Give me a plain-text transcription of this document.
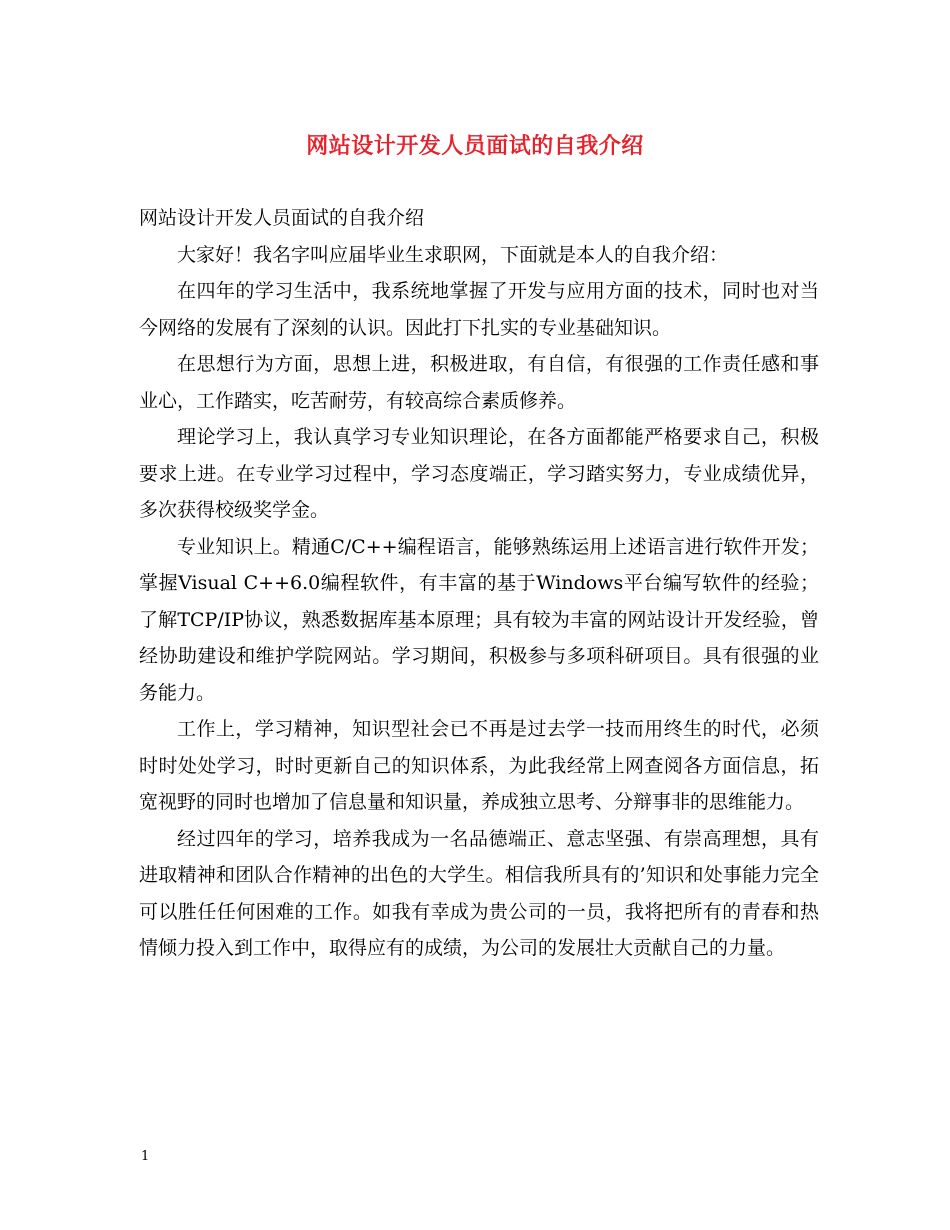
网站设计开发人员面试的自我介绍

网站设计开发人员面试的自我介绍

大家好！我名字叫应届毕业生求职网，下面就是本人的自我介绍：

在四年的学习生活中，我系统地掌握了开发与应用方面的技术，同时也对当今网络的发展有了深刻的认识。因此打下扎实的专业基础知识。

在思想行为方面，思想上进，积极进取，有自信，有很强的工作责任感和事业心，工作踏实，吃苦耐劳，有较高综合素质修养。

理论学习上，我认真学习专业知识理论，在各方面都能严格要求自己，积极要求上进。在专业学习过程中，学习态度端正，学习踏实努力，专业成绩优异，多次获得校级奖学金。

专业知识上。精通C/C++编程语言，能够熟练运用上述语言进行软件开发；掌握Visual C++6.0编程软件，有丰富的基于Windows平台编写软件的经验；了解TCP/IP协议，熟悉数据库基本原理；具有较为丰富的网站设计开发经验，曾经协助建设和维护学院网站。学习期间，积极参与多项科研项目。具有很强的业务能力。

工作上，学习精神，知识型社会已不再是过去学一技而用终生的时代，必须时时处处学习，时时更新自己的知识体系，为此我经常上网查阅各方面信息，拓宽视野的同时也增加了信息量和知识量，养成独立思考、分辩事非的思维能力。

经过四年的学习，培养我成为一名品德端正、意志坚强、有崇高理想，具有进取精神和团队合作精神的出色的大学生。相信我所具有的’知识和处事能力完全可以胜任任何困难的工作。如我有幸成为贵公司的一员，我将把所有的青春和热情倾力投入到工作中，取得应有的成绩，为公司的发展壮大贡献自己的力量。

1
